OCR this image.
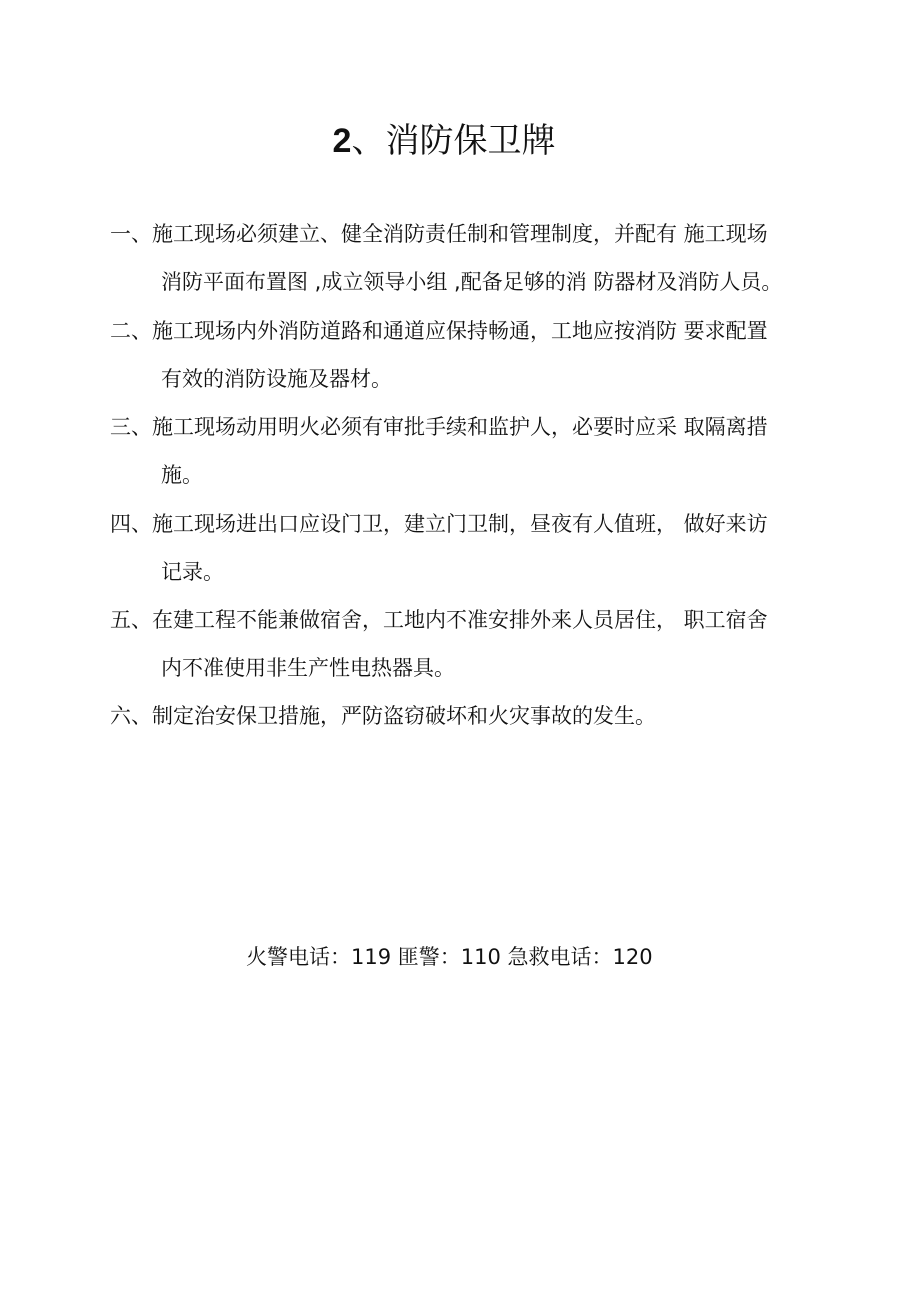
2、消防保卫牌
一、施工现场必须建立、健全消防责任制和管理制度，并配有 施工现场
消防平面布置图 ,成立领导小组 ,配备足够的消 防器材及消防人员。
二、施工现场内外消防道路和通道应保持畅通，工地应按消防 要求配置
有效的消防设施及器材。
三、施工现场动用明火必须有审批手续和监护人，必要时应采 取隔离措
施。
四、施工现场进出口应设门卫，建立门卫制，昼夜有人值班， 做好来访
记录。
五、在建工程不能兼做宿舍，工地内不准安排外来人员居住， 职工宿舍
内不准使用非生产性电热器具。
六、制定治安保卫措施，严防盗窃破坏和火灾事故的发生。
火警电话：119 匪警：110 急救电话：120
